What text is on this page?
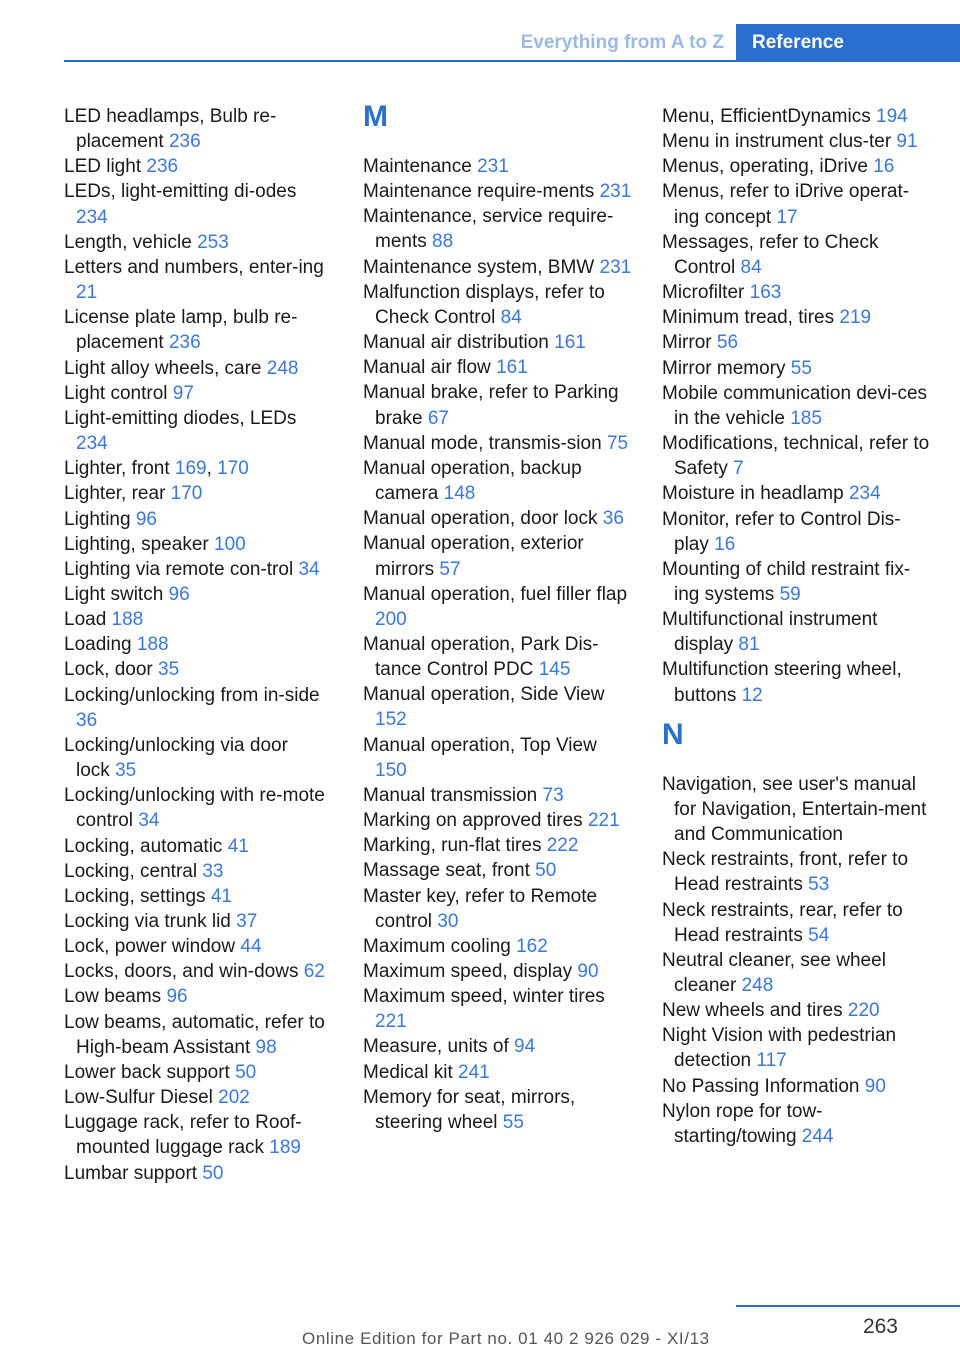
Everything from A to Z	Reference
LED headlamps, Bulb re-placement 236
LED light 236
LEDs, light-emitting di-odes 234
Length, vehicle 253
Letters and numbers, enter-ing 21
License plate lamp, bulb re-placement 236
Light alloy wheels, care 248
Light control 97
Light-emitting diodes, LEDs 234
Lighter, front 169, 170
Lighter, rear 170
Lighting 96
Lighting, speaker 100
Lighting via remote con-trol 34
Light switch 96
Load 188
Loading 188
Lock, door 35
Locking/unlocking from in-side 36
Locking/unlocking via door lock 35
Locking/unlocking with re-mote control 34
Locking, automatic 41
Locking, central 33
Locking, settings 41
Locking via trunk lid 37
Lock, power window 44
Locks, doors, and win-dows 62
Low beams 96
Low beams, automatic, refer to High-beam Assistant 98
Lower back support 50
Low-Sulfur Diesel 202
Luggage rack, refer to Roof-mounted luggage rack 189
Lumbar support 50
M
Maintenance 231
Maintenance require-ments 231
Maintenance, service require-ments 88
Maintenance system, BMW 231
Malfunction displays, refer to Check Control 84
Manual air distribution 161
Manual air flow 161
Manual brake, refer to Parking brake 67
Manual mode, transmis-sion 75
Manual operation, backup camera 148
Manual operation, door lock 36
Manual operation, exterior mirrors 57
Manual operation, fuel filler flap 200
Manual operation, Park Dis-tance Control PDC 145
Manual operation, Side View 152
Manual operation, Top View 150
Manual transmission 73
Marking on approved tires 221
Marking, run-flat tires 222
Massage seat, front 50
Master key, refer to Remote control 30
Maximum cooling 162
Maximum speed, display 90
Maximum speed, winter tires 221
Measure, units of 94
Medical kit 241
Memory for seat, mirrors, steering wheel 55
Menu, EfficientDynamics 194
Menu in instrument clus-ter 91
Menus, operating, iDrive 16
Menus, refer to iDrive operat-ing concept 17
Messages, refer to Check Control 84
Microfilter 163
Minimum tread, tires 219
Mirror 56
Mirror memory 55
Mobile communication devi-ces in the vehicle 185
Modifications, technical, refer to Safety 7
Moisture in headlamp 234
Monitor, refer to Control Dis-play 16
Mounting of child restraint fix-ing systems 59
Multifunctional instrument display 81
Multifunction steering wheel, buttons 12
N
Navigation, see user's manual for Navigation, Entertain-ment and Communication
Neck restraints, front, refer to Head restraints 53
Neck restraints, rear, refer to Head restraints 54
Neutral cleaner, see wheel cleaner 248
New wheels and tires 220
Night Vision with pedestrian detection 117
No Passing Information 90
Nylon rope for tow-starting/towing 244
263
Online Edition for Part no. 01 40 2 926 029 - XI/13
